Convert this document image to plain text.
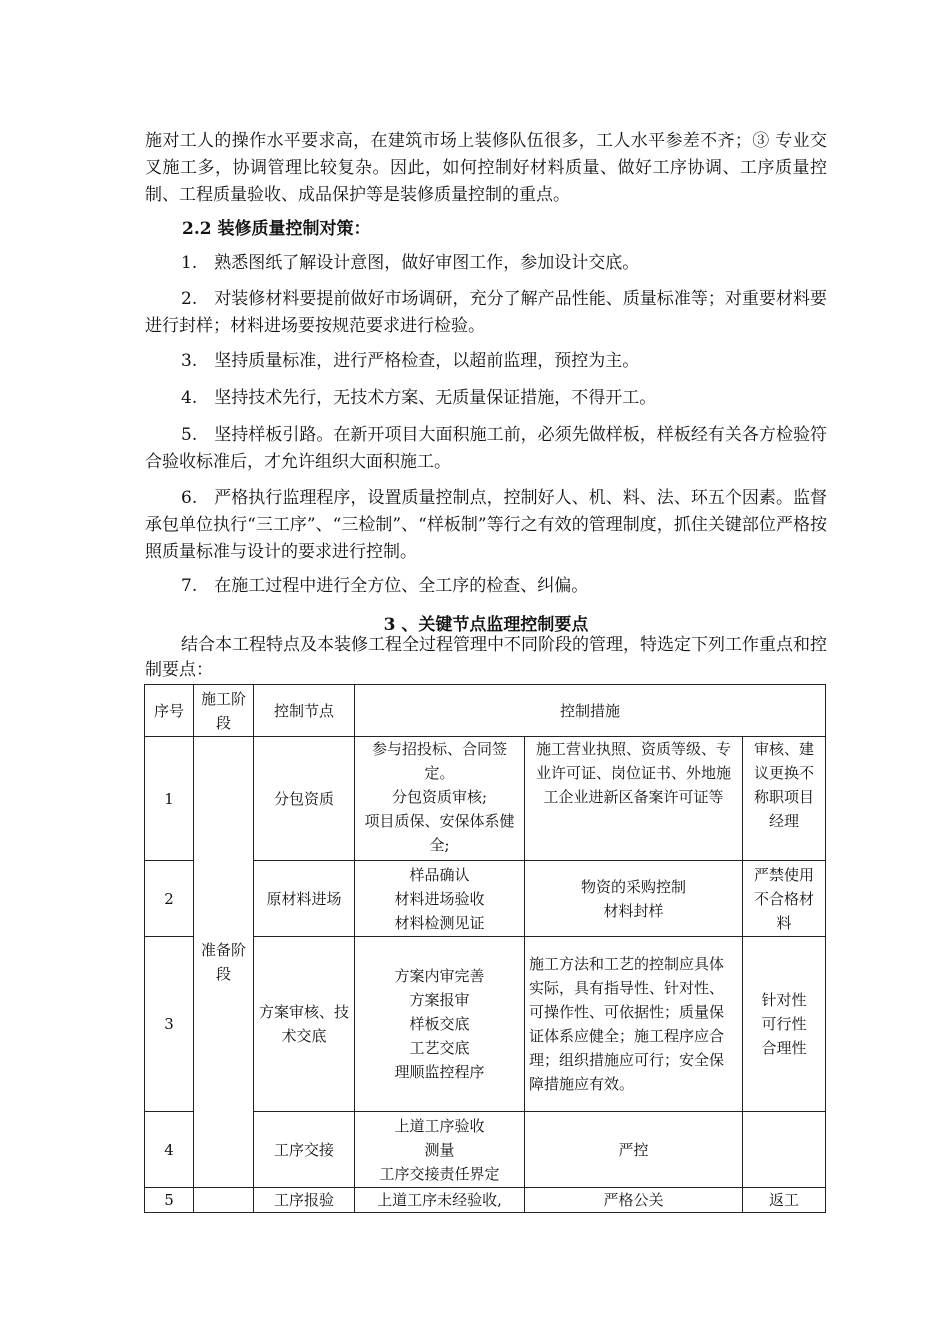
施对工人的操作水平要求高，在建筑市场上装修队伍很多，工人水平参差不齐；③ 专业交叉施工多，协调管理比较复杂。因此，如何控制好材料质量、做好工序协调、工序质量控制、工程质量验收、成品保护等是装修质量控制的重点。

2.2 装修质量控制对策：

1.　熟悉图纸了解设计意图，做好审图工作，参加设计交底。

2.　对装修材料要提前做好市场调研，充分了解产品性能、质量标准等；对重要材料要进行封样；材料进场要按规范要求进行检验。

3.　坚持质量标准，进行严格检查，以超前监理，预控为主。

4.　坚持技术先行，无技术方案、无质量保证措施，不得开工。

5.　坚持样板引路。在新开项目大面积施工前，必须先做样板，样板经有关各方检验符合验收标准后，才允许组织大面积施工。

6.　严格执行监理程序，设置质量控制点，控制好人、机、料、法、环五个因素。监督承包单位执行“三工序”、“三检制”、“样板制”等行之有效的管理制度，抓住关键部位严格按照质量标准与设计的要求进行控制。

7.　在施工过程中进行全方位、全工序的检查、纠偏。

3 、关键节点监理控制要点

结合本工程特点及本装修工程全过程管理中不同阶段的管理，特选定下列工作重点和控制要点：

序号	施工阶段	控制节点	控制措施		
1	准备阶段	分包资质	参与招投标、合同签定。
分包资质审核;
项目质保、安保体系健全;	施工营业执照、资质等级、专业许可证、岗位证书、外地施工企业进新区备案许可证等	审核、建议更换不称职项目经理
2		原材料进场	样品确认
材料进场验收
材料检测见证	物资的采购控制
材料封样	严禁使用不合格材料
3		方案审核、技术交底	方案内审完善
方案报审
样板交底
工艺交底
理顺监控程序	施工方法和工艺的控制应具体实际，具有指导性、针对性、可操作性、可依据性；质量保证体系应健全；施工程序应合理；组织措施应可行；安全保障措施应有效。	针对性
可行性
合理性
4		工序交接	上道工序验收
测量
工序交接责任界定	严控	
5		工序报验	上道工序未经验收,	严格公关	返工
